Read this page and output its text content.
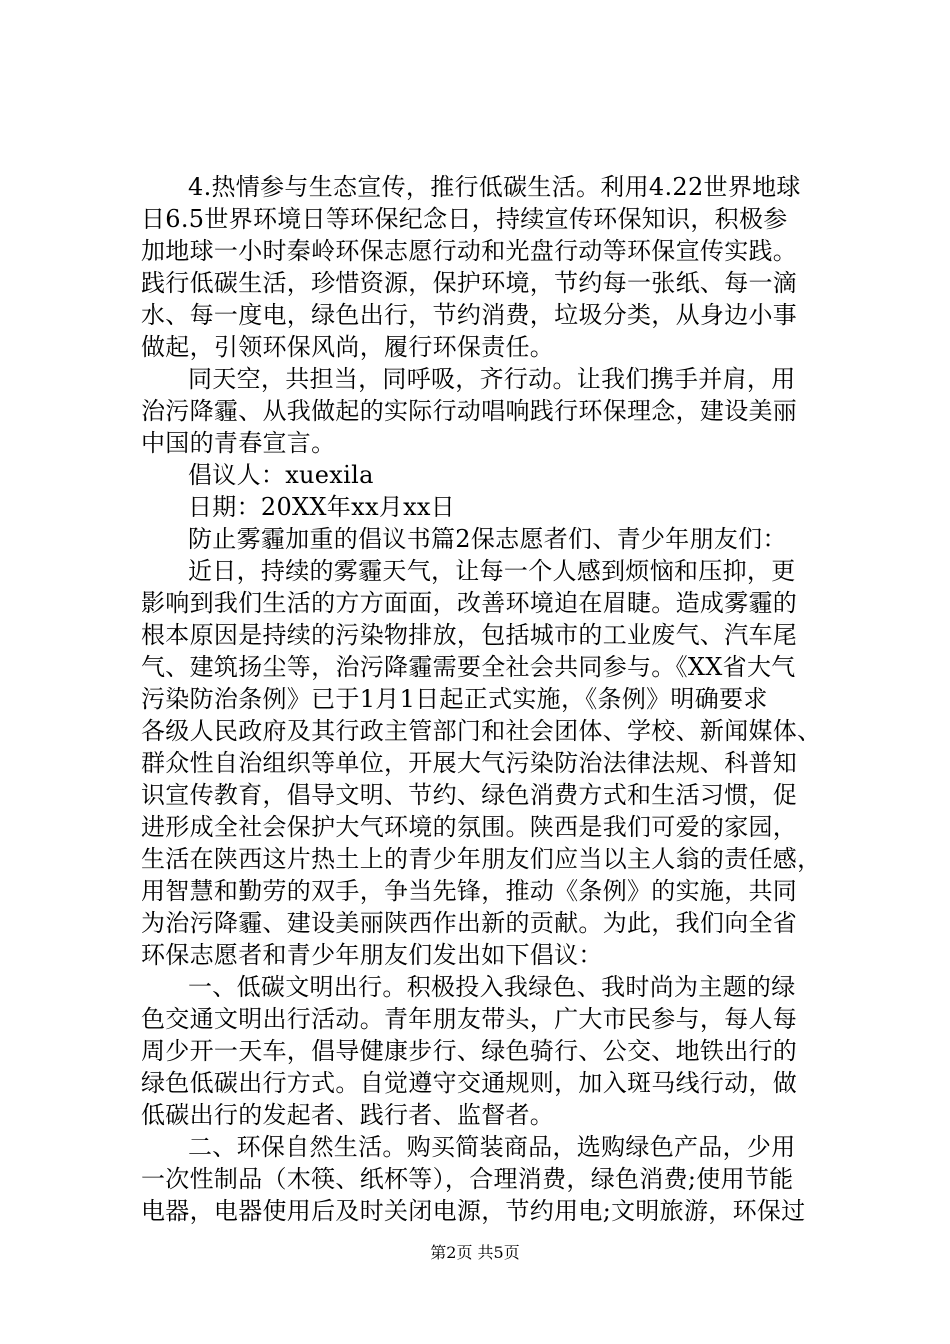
4.热情参与生态宣传，推行低碳生活。利用4.22世界地球
日6.5世界环境日等环保纪念日，持续宣传环保知识，积极参
加地球一小时秦岭环保志愿行动和光盘行动等环保宣传实践。
践行低碳生活，珍惜资源，保护环境，节约每一张纸、每一滴
水、每一度电，绿色出行，节约消费，垃圾分类，从身边小事
做起，引领环保风尚，履行环保责任。
同天空，共担当，同呼吸，齐行动。让我们携手并肩，用
治污降霾、从我做起的实际行动唱响践行环保理念，建设美丽
中国的青春宣言。
倡议人：xuexila
日期：20XX年xx月xx日
防止雾霾加重的倡议书篇2保志愿者们、青少年朋友们：
近日，持续的雾霾天气，让每一个人感到烦恼和压抑，更
影响到我们生活的方方面面，改善环境迫在眉睫。造成雾霾的
根本原因是持续的污染物排放，包括城市的工业废气、汽车尾
气、建筑扬尘等，治污降霾需要全社会共同参与。《XX省大气
污染防治条例》已于1月1日起正式实施，《条例》明确要求
各级人民政府及其行政主管部门和社会团体、学校、新闻媒体、
群众性自治组织等单位，开展大气污染防治法律法规、科普知
识宣传教育，倡导文明、节约、绿色消费方式和生活习惯，促
进形成全社会保护大气环境的氛围。陕西是我们可爱的家园，
生活在陕西这片热土上的青少年朋友们应当以主人翁的责任感，
用智慧和勤劳的双手，争当先锋，推动《条例》的实施，共同
为治污降霾、建设美丽陕西作出新的贡献。为此，我们向全省
环保志愿者和青少年朋友们发出如下倡议：
一、低碳文明出行。积极投入我绿色、我时尚为主题的绿
色交通文明出行活动。青年朋友带头，广大市民参与，每人每
周少开一天车，倡导健康步行、绿色骑行、公交、地铁出行的
绿色低碳出行方式。自觉遵守交通规则，加入斑马线行动，做
低碳出行的发起者、践行者、监督者。
二、环保自然生活。购买简装商品，选购绿色产品，少用
一次性制品（木筷、纸杯等），合理消费，绿色消费;使用节能
电器，电器使用后及时关闭电源，节约用电;文明旅游，环保过
第2页 共5页
